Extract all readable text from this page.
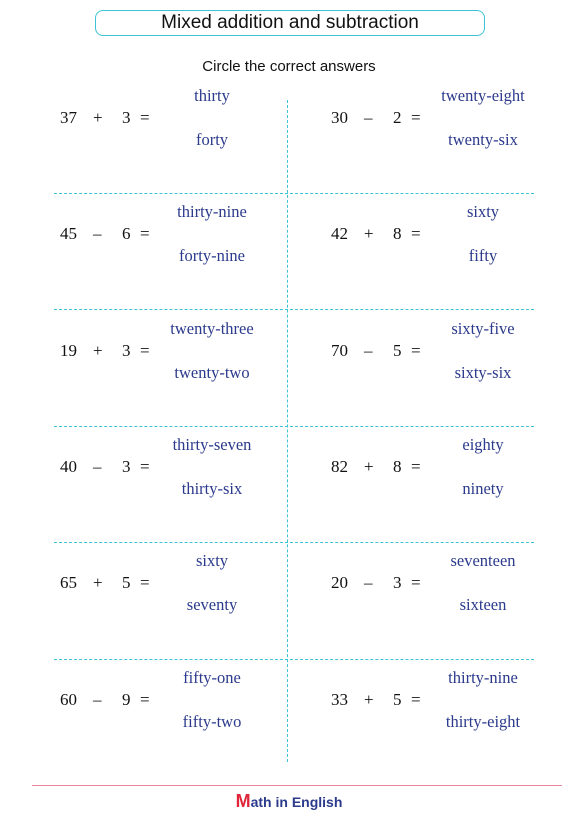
Mixed addition and subtraction
Circle the correct answers
37 + 3 =
thirty
forty
30 – 2 =
twenty-eight
twenty-six
45 – 6 =
thirty-nine
forty-nine
42 + 8 =
sixty
fifty
19 + 3 =
twenty-three
twenty-two
70 – 5 =
sixty-five
sixty-six
40 – 3 =
thirty-seven
thirty-six
82 + 8 =
eighty
ninety
65 + 5 =
sixty
seventy
20 – 3 =
seventeen
sixteen
60 – 9 =
fifty-one
fifty-two
33 + 5 =
thirty-nine
thirty-eight
Math in English
